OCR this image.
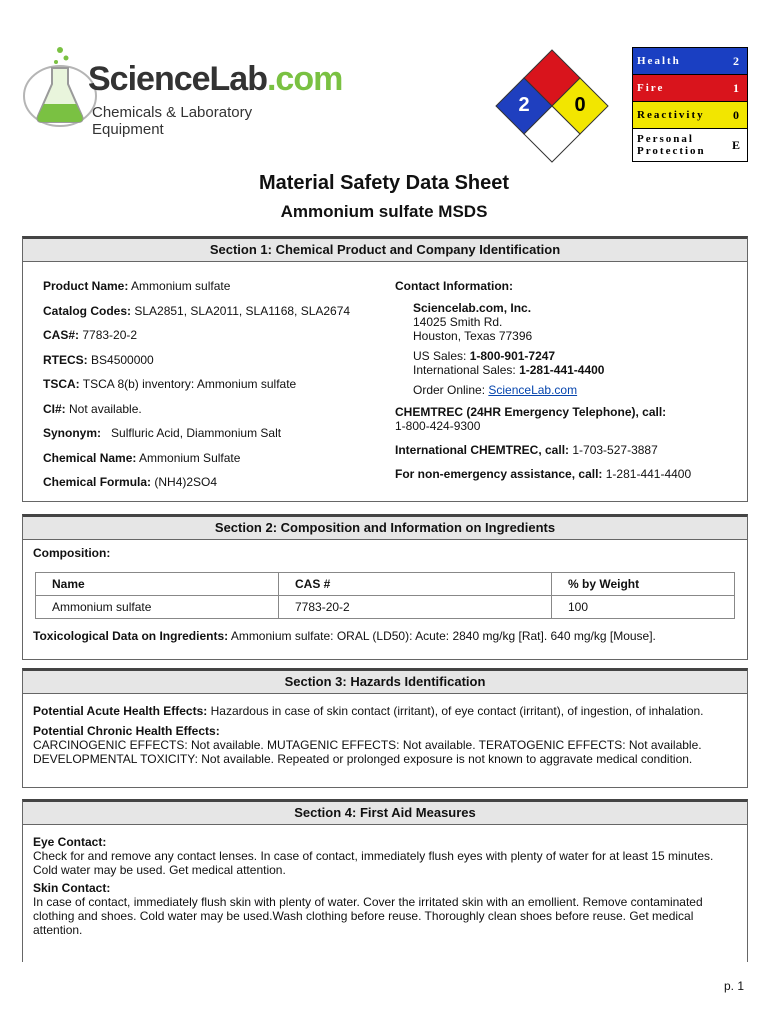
ScienceLab.com
Chemicals & Laboratory Equipment
2	0
Health	2
Fire	1
Reactivity	0
Personal
Protection	E
Material Safety Data Sheet
Ammonium sulfate MSDS
Section 1: Chemical Product and Company Identification
Product Name: Ammonium sulfate
Catalog Codes: SLA2851, SLA2011, SLA1168, SLA2674
CAS#: 7783-20-2
RTECS: BS4500000
TSCA: TSCA 8(b) inventory: Ammonium sulfate
CI#: Not available.
Synonym:   Sulfluric Acid, Diammonium Salt
Chemical Name: Ammonium Sulfate
Chemical Formula: (NH4)2SO4
Contact Information:
Sciencelab.com, Inc.
14025 Smith Rd.
Houston, Texas 77396
US Sales: 1-800-901-7247
International Sales: 1-281-441-4400
Order Online: ScienceLab.com
CHEMTREC (24HR Emergency Telephone), call:
1-800-424-9300
International CHEMTREC, call: 1-703-527-3887
For non-emergency assistance, call: 1-281-441-4400
Section 2: Composition and Information on Ingredients
Composition:
Name	CAS #	% by Weight
Ammonium sulfate	7783-20-2	100
Toxicological Data on Ingredients: Ammonium sulfate: ORAL (LD50): Acute: 2840 mg/kg [Rat]. 640 mg/kg [Mouse].
Section 3: Hazards Identification
Potential Acute Health Effects: Hazardous in case of skin contact (irritant), of eye contact (irritant), of ingestion, of inhalation.
Potential Chronic Health Effects:
CARCINOGENIC EFFECTS: Not available. MUTAGENIC EFFECTS: Not available. TERATOGENIC EFFECTS: Not available.
DEVELOPMENTAL TOXICITY: Not available. Repeated or prolonged exposure is not known to aggravate medical condition.
Section 4: First Aid Measures
Eye Contact:
Check for and remove any contact lenses. In case of contact, immediately flush eyes with plenty of water for at least 15 minutes. Cold water may be used. Get medical attention.
Skin Contact:
In case of contact, immediately flush skin with plenty of water. Cover the irritated skin with an emollient. Remove contaminated clothing and shoes. Cold water may be used.Wash clothing before reuse. Thoroughly clean shoes before reuse. Get medical attention.
p. 1
